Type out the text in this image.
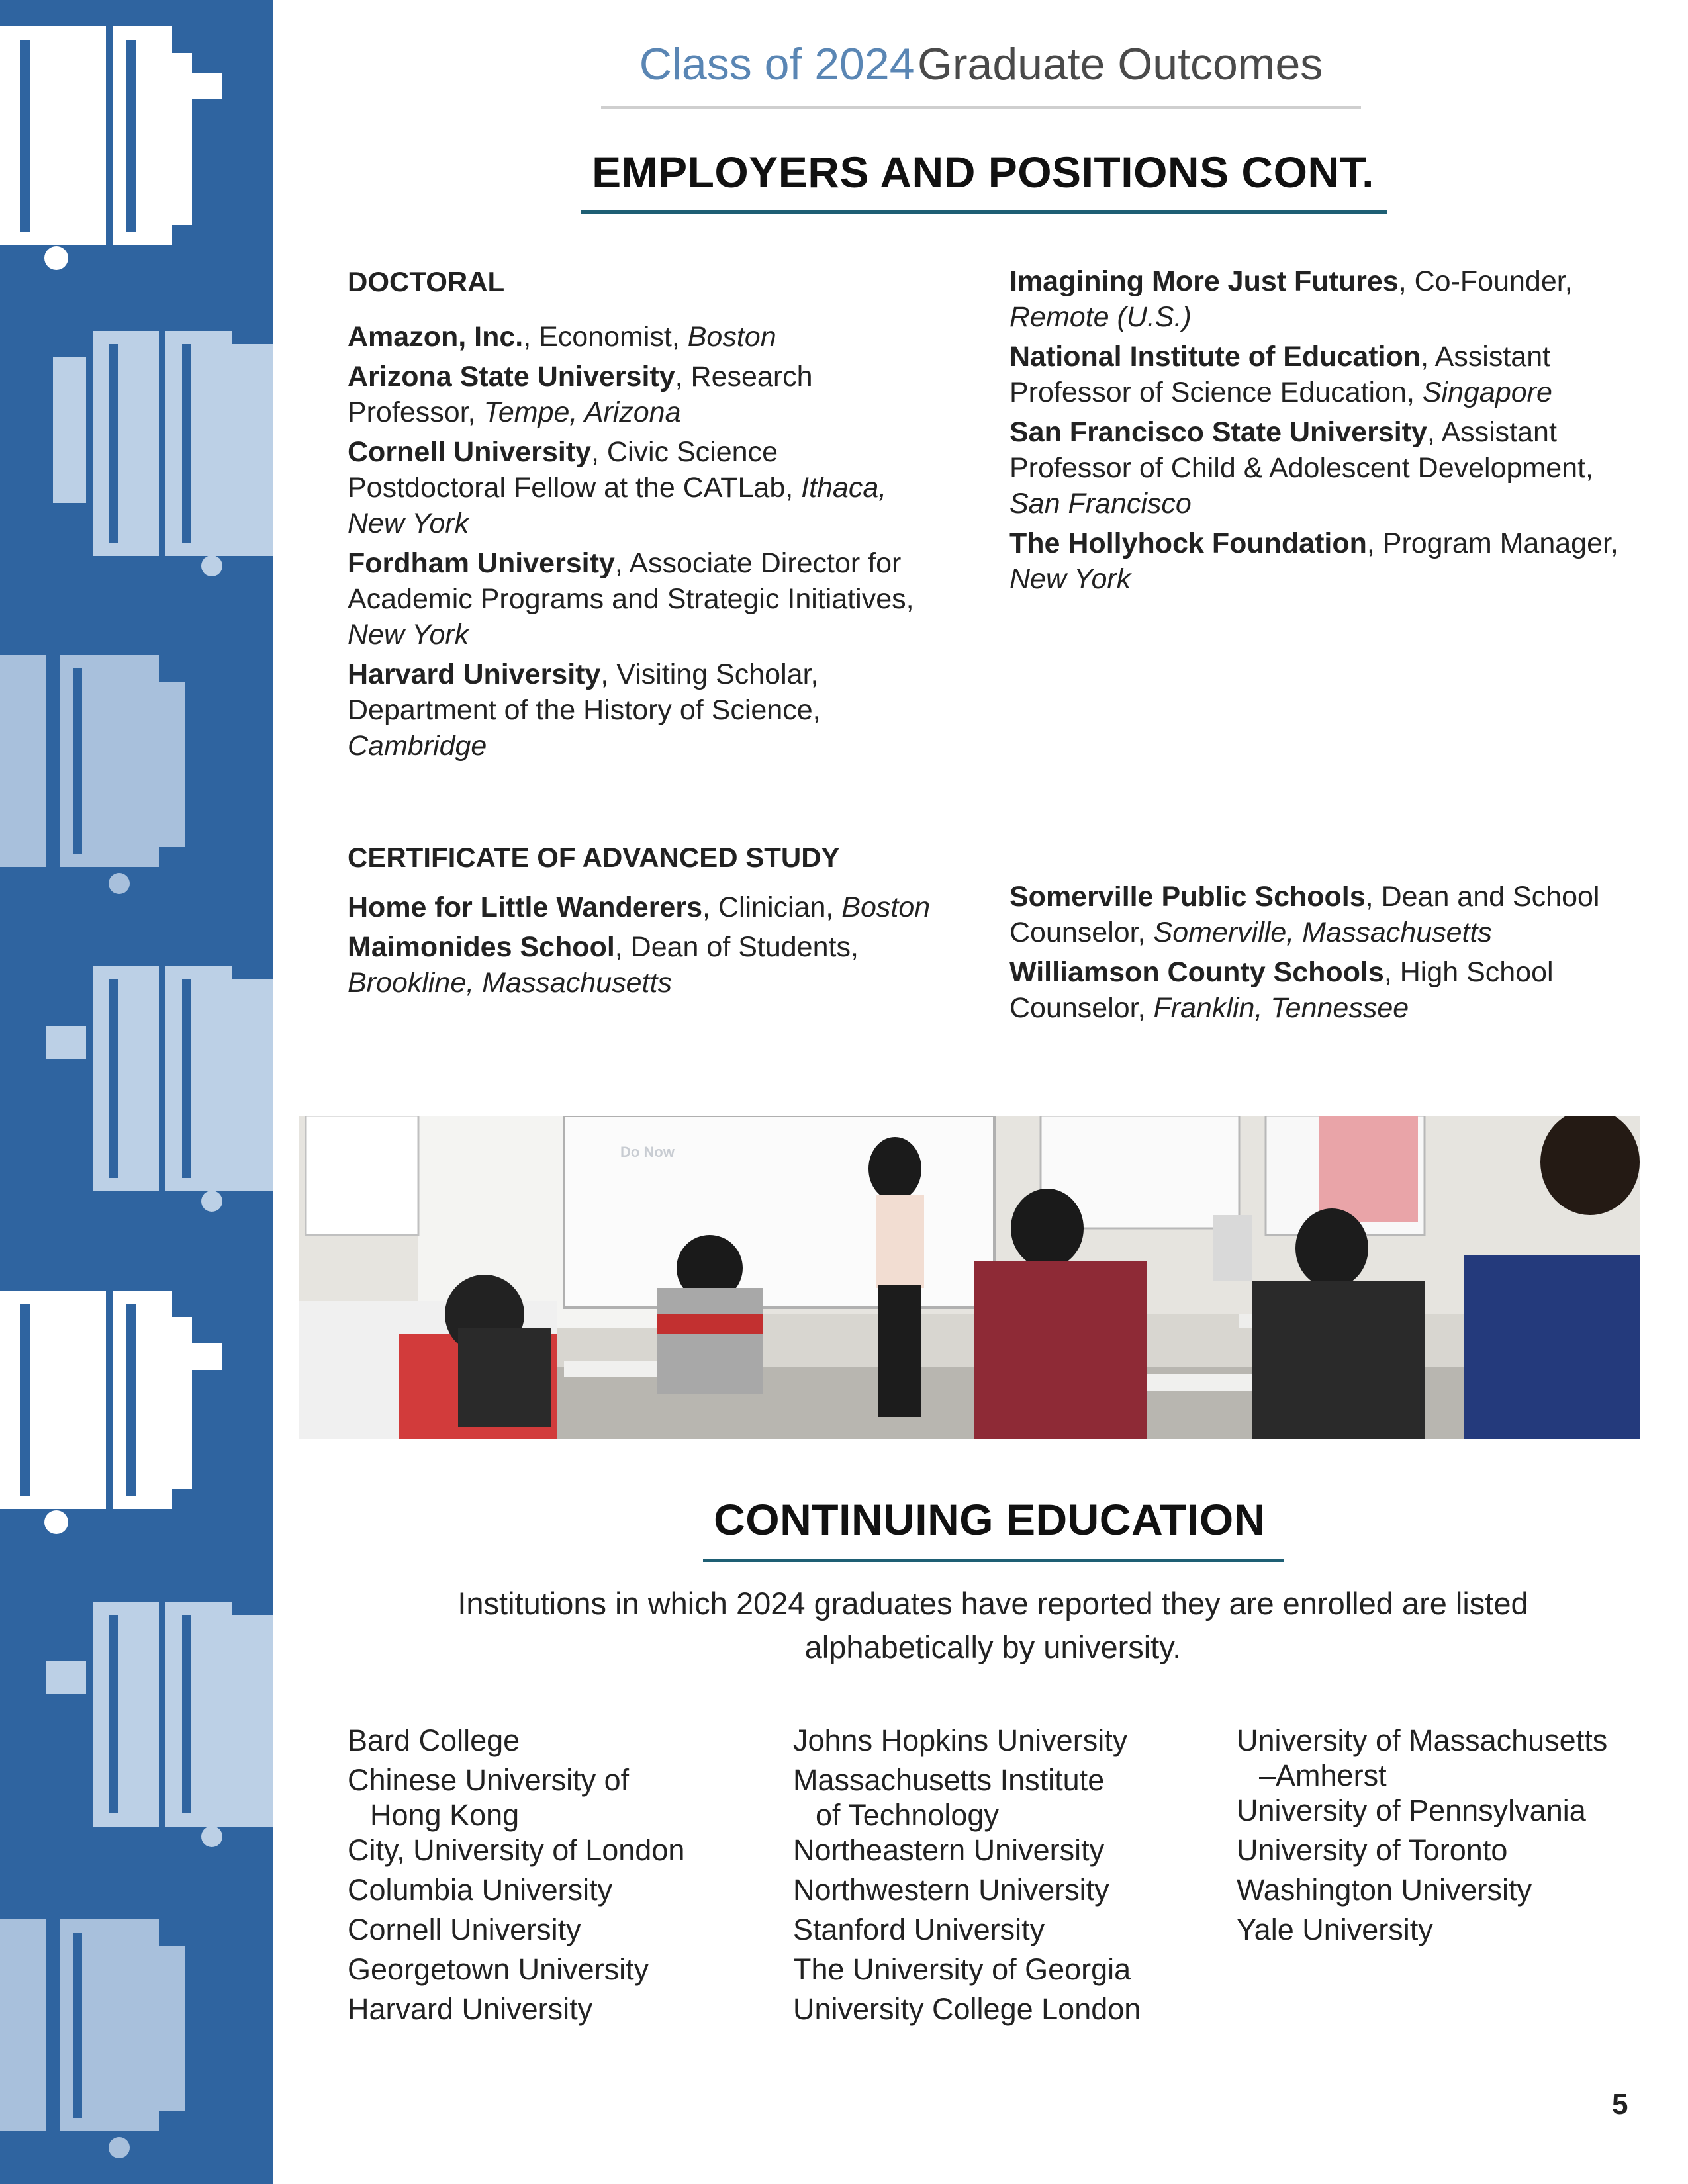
Class of 2024 Graduate Outcomes
EMPLOYERS AND POSITIONS CONT.
DOCTORAL
Amazon, Inc., Economist, Boston
Arizona State University, Research Professor, Tempe, Arizona
Cornell University, Civic Science Postdoctoral Fellow at the CATLab, Ithaca, New York
Fordham University, Associate Director for Academic Programs and Strategic Initiatives, New York
Harvard University, Visiting Scholar, Department of the History of Science, Cambridge
Imagining More Just Futures, Co-Founder, Remote (U.S.)
National Institute of Education, Assistant Professor of Science Education, Singapore
San Francisco State University, Assistant Professor of Child & Adolescent Development, San Francisco
The Hollyhock Foundation, Program Manager, New York
CERTIFICATE OF ADVANCED STUDY
Home for Little Wanderers, Clinician, Boston
Maimonides School, Dean of Students, Brookline, Massachusetts
Somerville Public Schools, Dean and School Counselor, Somerville, Massachusetts
Williamson County Schools, High School Counselor, Franklin, Tennessee
Do Now
CONTINUING EDUCATION
Institutions in which 2024 graduates have reported they are enrolled are listed alphabetically by university.
Bard College
Chinese University of
Hong Kong
City, University of London
Columbia University
Cornell University
Georgetown University
Harvard University
Johns Hopkins University
Massachusetts Institute
of Technology
Northeastern University
Northwestern University
Stanford University
The University of Georgia
University College London
University of Massachusetts
–Amherst
University of Pennsylvania
University of Toronto
Washington University
Yale University
5
